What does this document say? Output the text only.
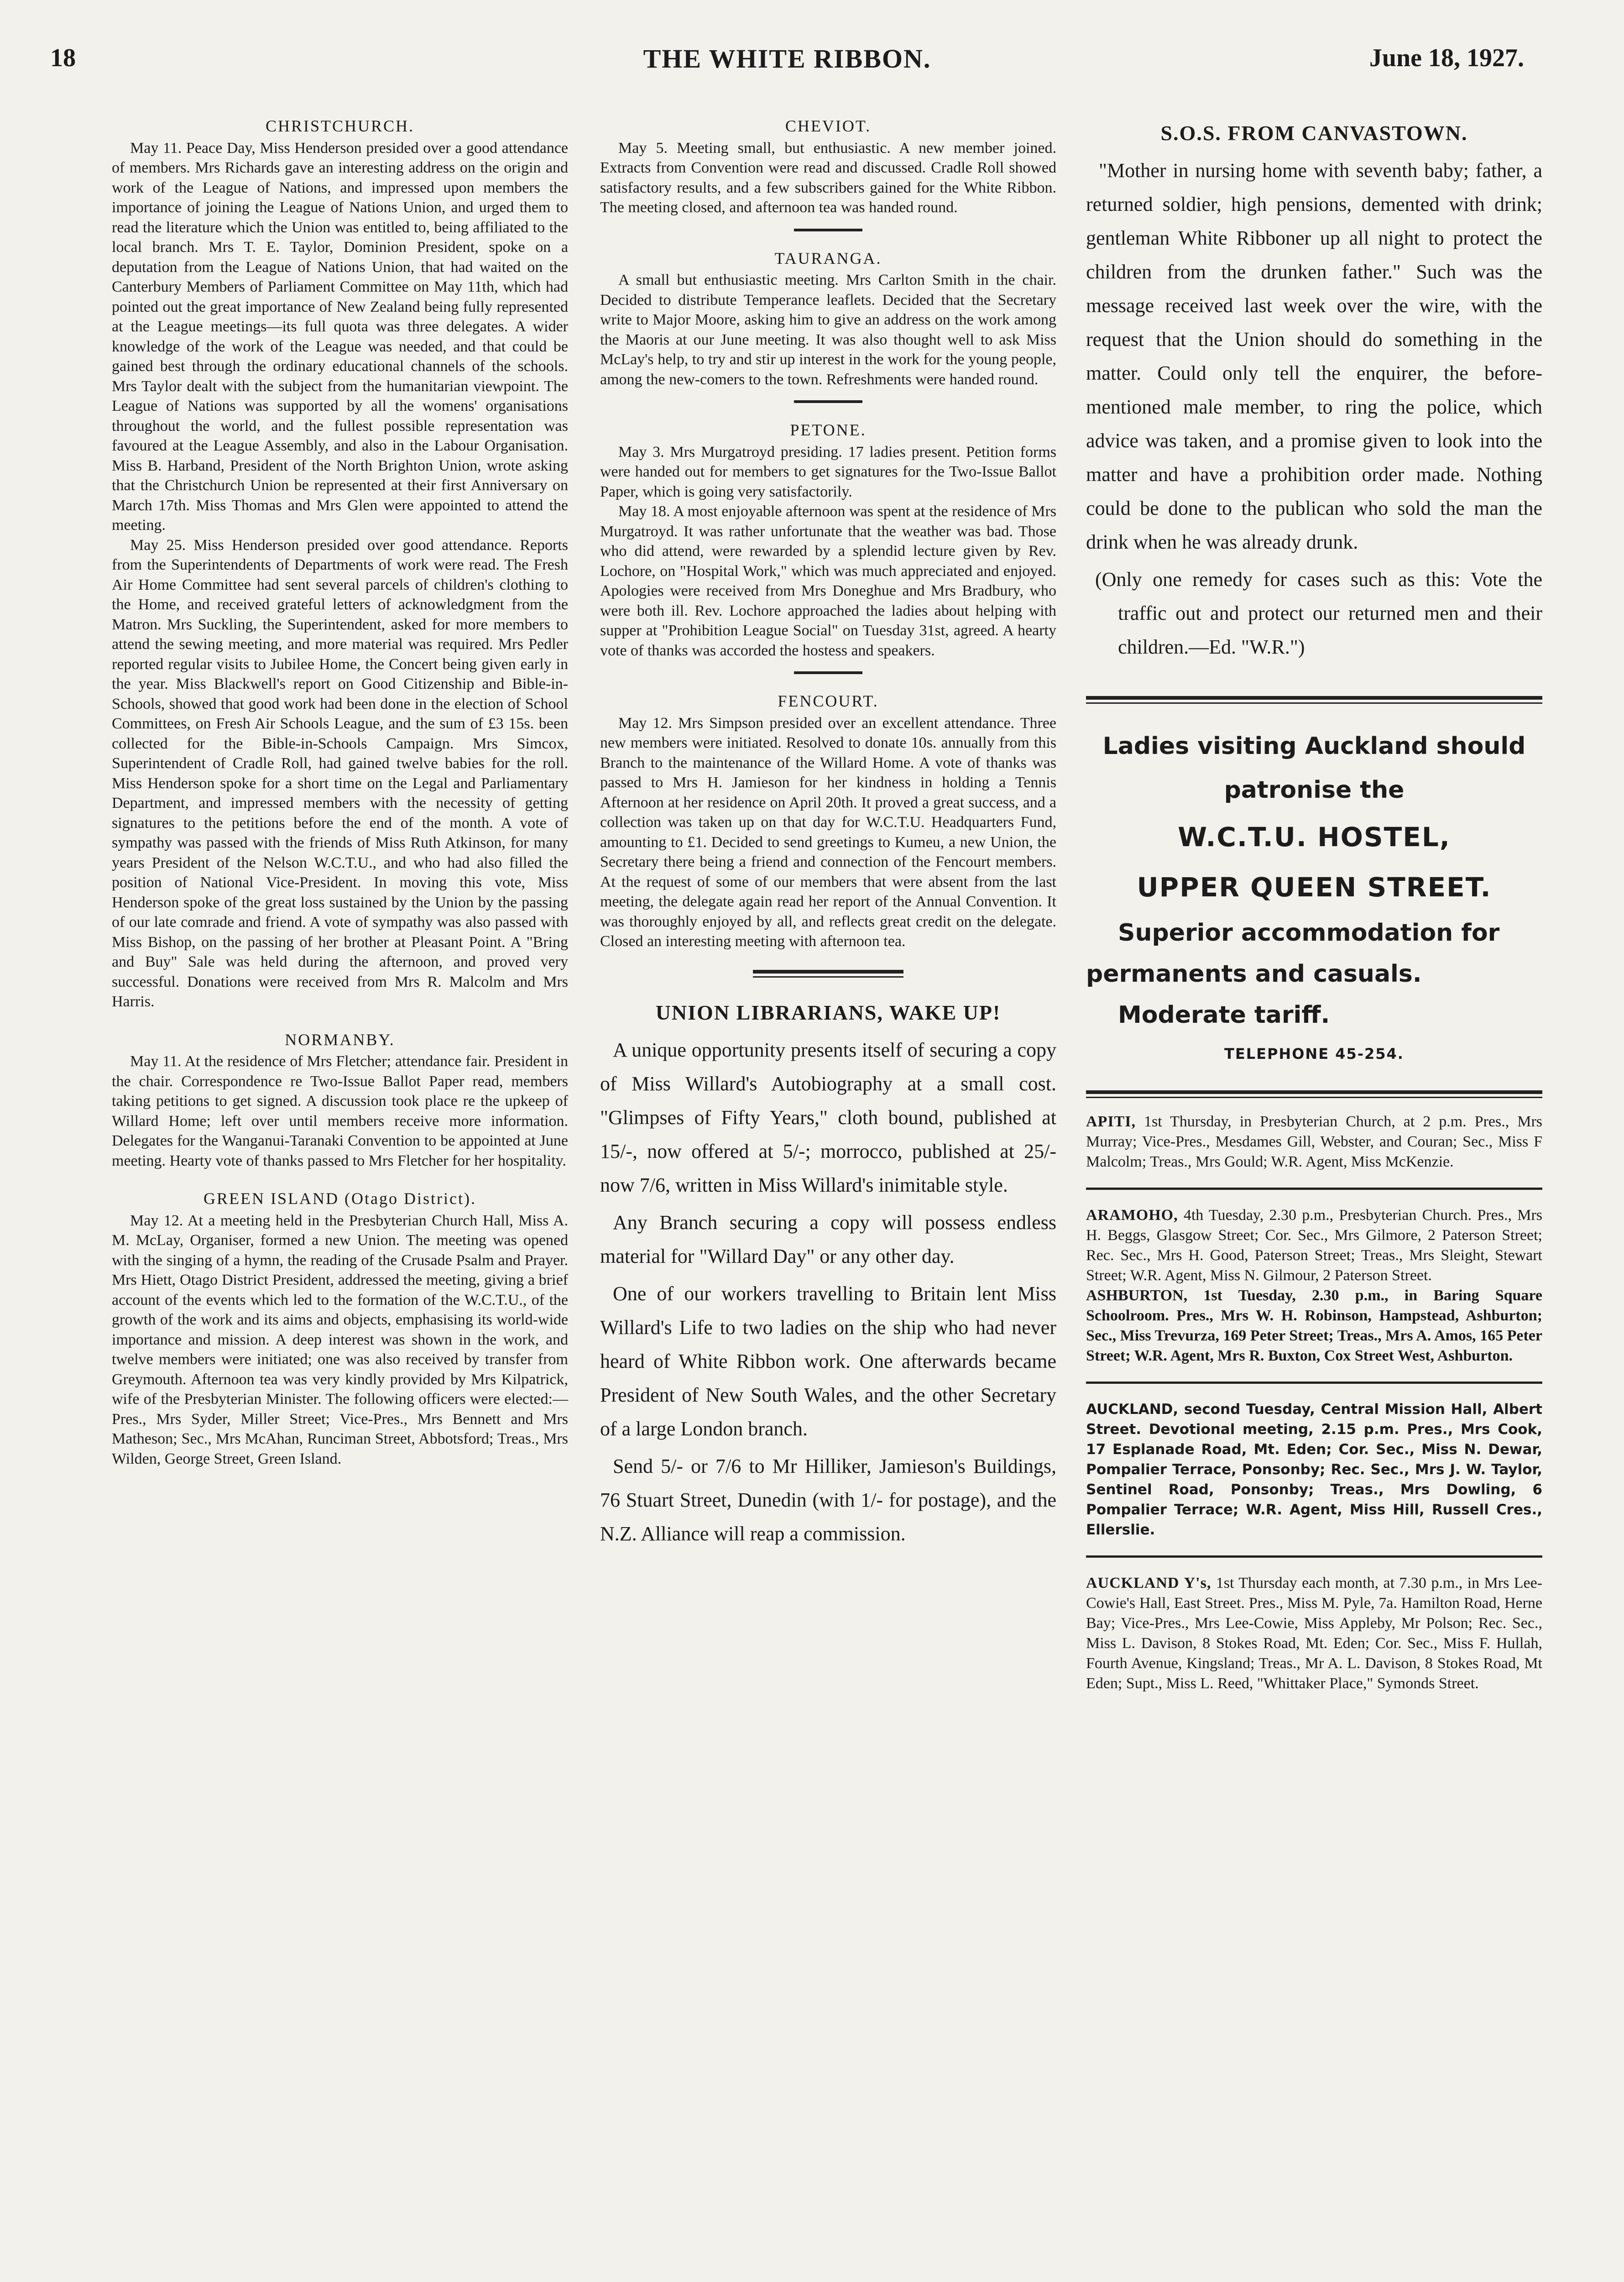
18	THE WHITE RIBBON.	June 18, 1927.
CHRISTCHURCH.

May 11. Peace Day, Miss Henderson presided over a good attendance of members. Mrs Richards gave an interesting address on the origin and work of the League of Nations, and impressed upon members the importance of joining the League of Nations Union, and urged them to read the literature which the Union was entitled to, being affiliated to the local branch. Mrs T. E. Taylor, Dominion President, spoke on a deputation from the League of Nations Union, that had waited on the Canterbury Members of Parliament Committee on May 11th, which had pointed out the great importance of New Zealand being fully represented at the League meetings—its full quota was three delegates. A wider knowledge of the work of the League was needed, and that could be gained best through the ordinary educational channels of the schools. Mrs Taylor dealt with the subject from the humanitarian viewpoint. The League of Nations was supported by all the womens' organisations throughout the world, and the fullest possible representation was favoured at the League Assembly, and also in the Labour Organisation. Miss B. Harband, President of the North Brighton Union, wrote asking that the Christchurch Union be represented at their first Anniversary on March 17th. Miss Thomas and Mrs Glen were appointed to attend the meeting.

May 25. Miss Henderson presided over good attendance. Reports from the Superintendents of Departments of work were read. The Fresh Air Home Committee had sent several parcels of children's clothing to the Home, and received grateful letters of acknowledgment from the Matron. Mrs Suckling, the Superintendent, asked for more members to attend the sewing meeting, and more material was required. Mrs Pedler reported regular visits to Jubilee Home, the Concert being given early in the year. Miss Blackwell's report on Good Citizenship and Bible-in-Schools, showed that good work had been done in the election of School Committees, on Fresh Air Schools League, and the sum of £3 15s. been collected for the Bible-in-Schools Campaign. Mrs Simcox, Superintendent of Cradle Roll, had gained twelve babies for the roll. Miss Henderson spoke for a short time on the Legal and Parliamentary Department, and impressed members with the necessity of getting signatures to the petitions before the end of the month. A vote of sympathy was passed with the friends of Miss Ruth Atkinson, for many years President of the Nelson W.C.T.U., and who had also filled the position of National Vice-President. In moving this vote, Miss Henderson spoke of the great loss sustained by the Union by the passing of our late comrade and friend. A vote of sympathy was also passed with Miss Bishop, on the passing of her brother at Pleasant Point. A "Bring and Buy" Sale was held during the afternoon, and proved very successful. Donations were received from Mrs R. Malcolm and Mrs Harris.

NORMANBY.

May 11. At the residence of Mrs Fletcher; attendance fair. President in the chair. Correspondence re Two-Issue Ballot Paper read, members taking petitions to get signed. A discussion took place re the upkeep of Willard Home; left over until members receive more information. Delegates for the Wanganui-Taranaki Convention to be appointed at June meeting. Hearty vote of thanks passed to Mrs Fletcher for her hospitality.

GREEN ISLAND (Otago District).

May 12. At a meeting held in the Presbyterian Church Hall, Miss A. M. McLay, Organiser, formed a new Union. The meeting was opened with the singing of a hymn, the reading of the Crusade Psalm and Prayer. Mrs Hiett, Otago District President, addressed the meeting, giving a brief account of the events which led to the formation of the W.C.T.U., of the growth of the work and its aims and objects, emphasising its world-wide importance and mission. A deep interest was shown in the work, and twelve members were initiated; one was also received by transfer from Greymouth. Afternoon tea was very kindly provided by Mrs Kilpatrick, wife of the Presbyterian Minister. The following officers were elected:—Pres., Mrs Syder, Miller Street; Vice-Pres., Mrs Bennett and Mrs Matheson; Sec., Mrs McAhan, Runciman Street, Abbotsford; Treas., Mrs Wilden, George Street, Green Island.

CHEVIOT.

May 5. Meeting small, but enthusiastic. A new member joined. Extracts from Convention were read and discussed. Cradle Roll showed satisfactory results, and a few subscribers gained for the White Ribbon. The meeting closed, and afternoon tea was handed round.

TAURANGA.

A small but enthusiastic meeting. Mrs Carlton Smith in the chair. Decided to distribute Temperance leaflets. Decided that the Secretary write to Major Moore, asking him to give an address on the work among the Maoris at our June meeting. It was also thought well to ask Miss McLay's help, to try and stir up interest in the work for the young people, among the new-comers to the town. Refreshments were handed round.

PETONE.

May 3. Mrs Murgatroyd presiding. 17 ladies present. Petition forms were handed out for members to get signatures for the Two-Issue Ballot Paper, which is going very satisfactorily.

May 18. A most enjoyable afternoon was spent at the residence of Mrs Murgatroyd. It was rather unfortunate that the weather was bad. Those who did attend, were rewarded by a splendid lecture given by Rev. Lochore, on "Hospital Work," which was much appreciated and enjoyed. Apologies were received from Mrs Doneghue and Mrs Bradbury, who were both ill. Rev. Lochore approached the ladies about helping with supper at "Prohibition League Social" on Tuesday 31st, agreed. A hearty vote of thanks was accorded the hostess and speakers.

FENCOURT.

May 12. Mrs Simpson presided over an excellent attendance. Three new members were initiated. Resolved to donate 10s. annually from this Branch to the maintenance of the Willard Home. A vote of thanks was passed to Mrs H. Jamieson for her kindness in holding a Tennis Afternoon at her residence on April 20th. It proved a great success, and a collection was taken up on that day for W.C.T.U. Headquarters Fund, amounting to £1. Decided to send greetings to Kumeu, a new Union, the Secretary there being a friend and connection of the Fencourt members. At the request of some of our members that were absent from the last meeting, the delegate again read her report of the Annual Convention. It was thoroughly enjoyed by all, and reflects great credit on the delegate. Closed an interesting meeting with afternoon tea.

UNION LIBRARIANS, WAKE UP!

A unique opportunity presents itself of securing a copy of Miss Willard's Autobiography at a small cost. "Glimpses of Fifty Years," cloth bound, published at 15/-, now offered at 5/-; morrocco, published at 25/- now 7/6, written in Miss Willard's inimitable style.

Any Branch securing a copy will possess endless material for "Willard Day" or any other day.

One of our workers travelling to Britain lent Miss Willard's Life to two ladies on the ship who had never heard of White Ribbon work. One afterwards became President of New South Wales, and the other Secretary of a large London branch.

Send 5/- or 7/6 to Mr Hilliker, Jamieson's Buildings, 76 Stuart Street, Dunedin (with 1/- for postage), and the N.Z. Alliance will reap a commission.

S.O.S. FROM CANVASTOWN.

"Mother in nursing home with seventh baby; father, a returned soldier, high pensions, demented with drink; gentleman White Ribboner up all night to protect the children from the drunken father." Such was the message received last week over the wire, with the request that the Union should do something in the matter. Could only tell the enquirer, the before-mentioned male member, to ring the police, which advice was taken, and a promise given to look into the matter and have a prohibition order made. Nothing could be done to the publican who sold the man the drink when he was already drunk.

(Only one remedy for cases such as this: Vote the traffic out and protect our returned men and their children.—Ed. "W.R.")

Ladies visiting Auckland should
patronise the
W.C.T.U. HOSTEL,
UPPER QUEEN STREET.
Superior accommodation for
permanents and casuals.
Moderate tariff.
TELEPHONE 45-254.

APITI, 1st Thursday, in Presbyterian Church, at 2 p.m. Pres., Mrs Murray; Vice-Pres., Mesdames Gill, Webster, and Couran; Sec., Miss F Malcolm; Treas., Mrs Gould; W.R. Agent, Miss McKenzie.

ARAMOHO, 4th Tuesday, 2.30 p.m., Presbyterian Church. Pres., Mrs H. Beggs, Glasgow Street; Cor. Sec., Mrs Gilmore, 2 Paterson Street; Rec. Sec., Mrs H. Good, Paterson Street; Treas., Mrs Sleight, Stewart Street; W.R. Agent, Miss N. Gilmour, 2 Paterson Street.

ASHBURTON, 1st Tuesday, 2.30 p.m., in Baring Square Schoolroom. Pres., Mrs W. H. Robinson, Hampstead, Ashburton; Sec., Miss Trevurza, 169 Peter Street; Treas., Mrs A. Amos, 165 Peter Street; W.R. Agent, Mrs R. Buxton, Cox Street West, Ashburton.

AUCKLAND, second Tuesday, Central Mission Hall, Albert Street. Devotional meeting, 2.15 p.m. Pres., Mrs Cook, 17 Esplanade Road, Mt. Eden; Cor. Sec., Miss N. Dewar, Pompalier Terrace, Ponsonby; Rec. Sec., Mrs J. W. Taylor, Sentinel Road, Ponsonby; Treas., Mrs Dowling, 6 Pompalier Terrace; W.R. Agent, Miss Hill, Russell Cres., Ellerslie.

AUCKLAND Y's, 1st Thursday each month, at 7.30 p.m., in Mrs Lee-Cowie's Hall, East Street. Pres., Miss M. Pyle, 7a. Hamilton Road, Herne Bay; Vice-Pres., Mrs Lee-Cowie, Miss Appleby, Mr Polson; Rec. Sec., Miss L. Davison, 8 Stokes Road, Mt. Eden; Cor. Sec., Miss F. Hullah, Fourth Avenue, Kingsland; Treas., Mr A. L. Davison, 8 Stokes Road, Mt Eden; Supt., Miss L. Reed, "Whittaker Place," Symonds Street.
